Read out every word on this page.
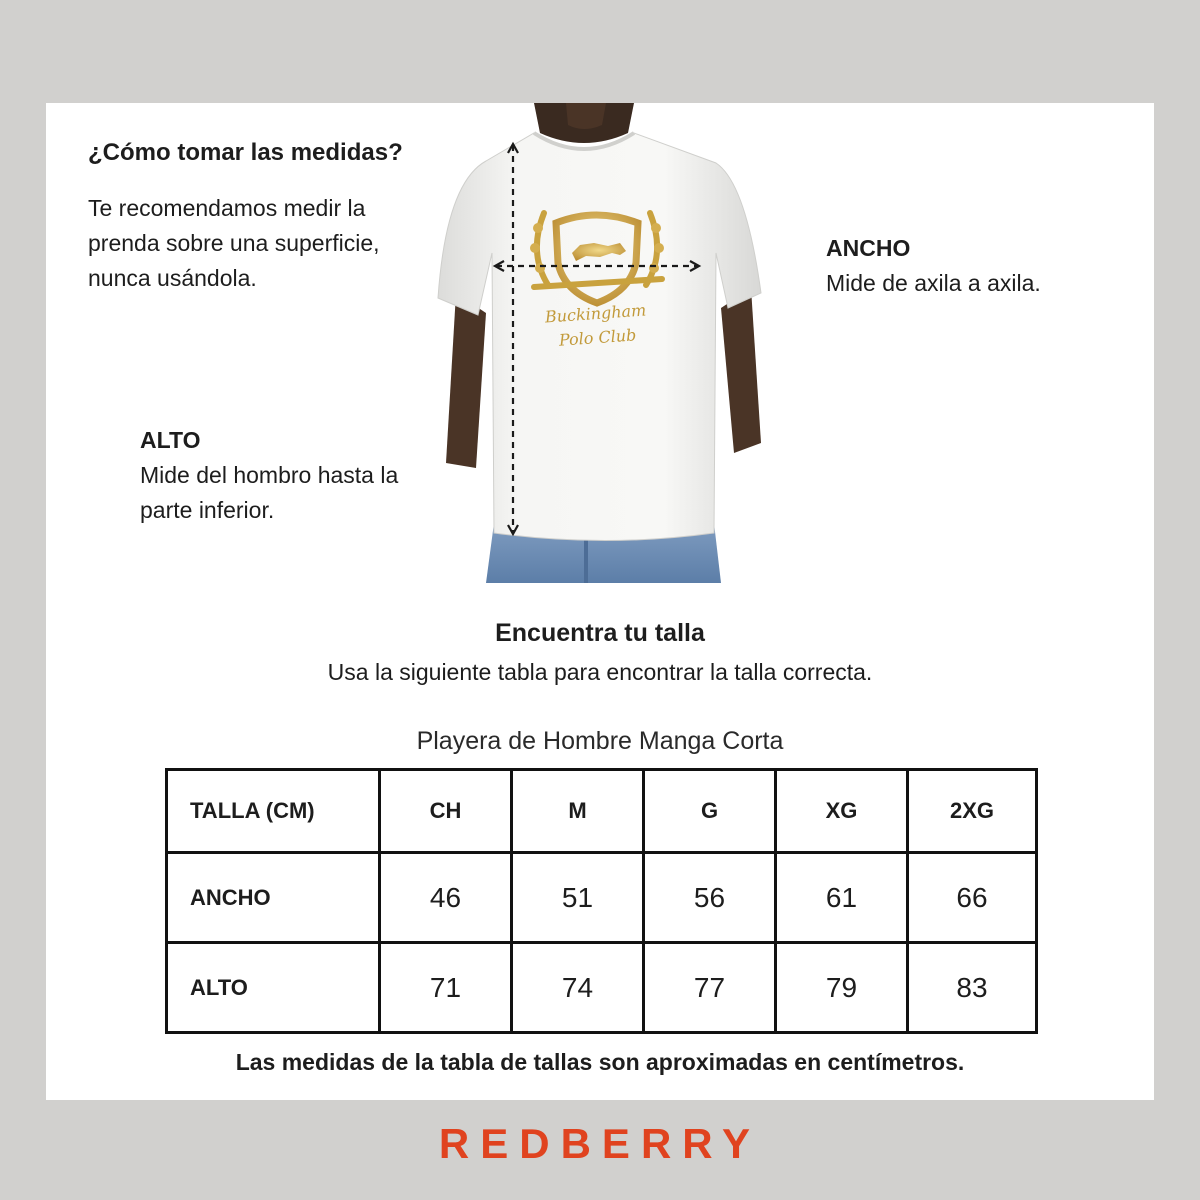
¿Cómo tomar las medidas?

Te recomendamos medir la prenda sobre una superficie, nunca usándola.

ANCHO
Mide de axila a axila.
ALTO
Mide del hombro hasta la parte inferior.
Buckingham
Polo Club
Encuentra tu talla

Usa la siguiente tabla para encontrar la talla correcta.

Playera de Hombre Manga Corta

TALLA (CM)	CH	M	G	XG	2XG
ANCHO	46	51	56	61	66
ALTO	71	74	77	79	83

Las medidas de la tabla de tallas son aproximadas en centímetros.

REDBERRY
